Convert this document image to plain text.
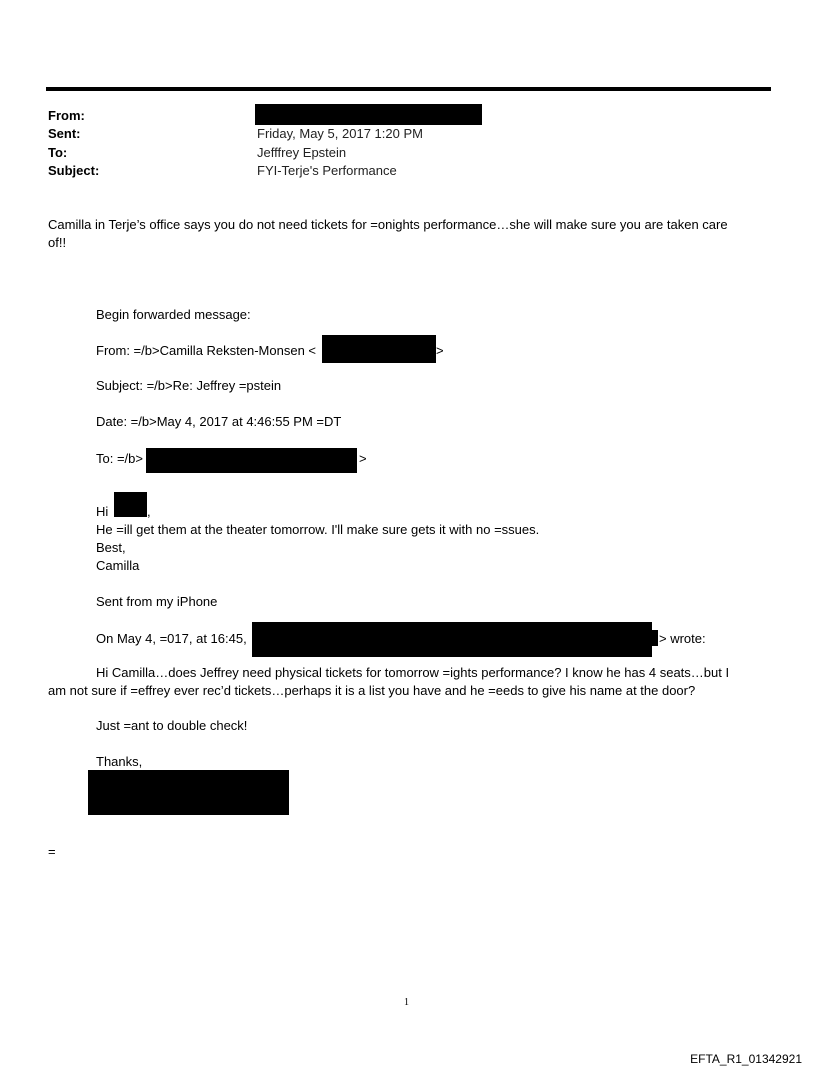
From:
Sent:	Friday, May 5, 2017 1:20 PM
To:	Jefffrey Epstein
Subject:	FYI-Terje's Performance
Camilla in Terje’s office says you do not need tickets for =onights performance…she will make sure you are taken care
of!!
Begin forwarded message:
From: =/b>Camilla Reksten-Monsen <	>
Subject: =/b>Re: Jeffrey =pstein
Date: =/b>May 4, 2017 at 4:46:55 PM =DT
To: =/b>	>
Hi	,
He =ill get them at the theater tomorrow. I'll make sure gets it with no =ssues.
Best,
Camilla
Sent from my iPhone
On May 4, =017, at 16:45,	> wrote:
Hi Camilla…does Jeffrey need physical tickets for tomorrow =ights performance? I know he has 4 seats…but I
am not sure if =effrey ever rec’d tickets…perhaps it is a list you have and he =eeds to give his name at the door?
Just =ant to double check!
Thanks,
=
1
EFTA_R1_01342921
